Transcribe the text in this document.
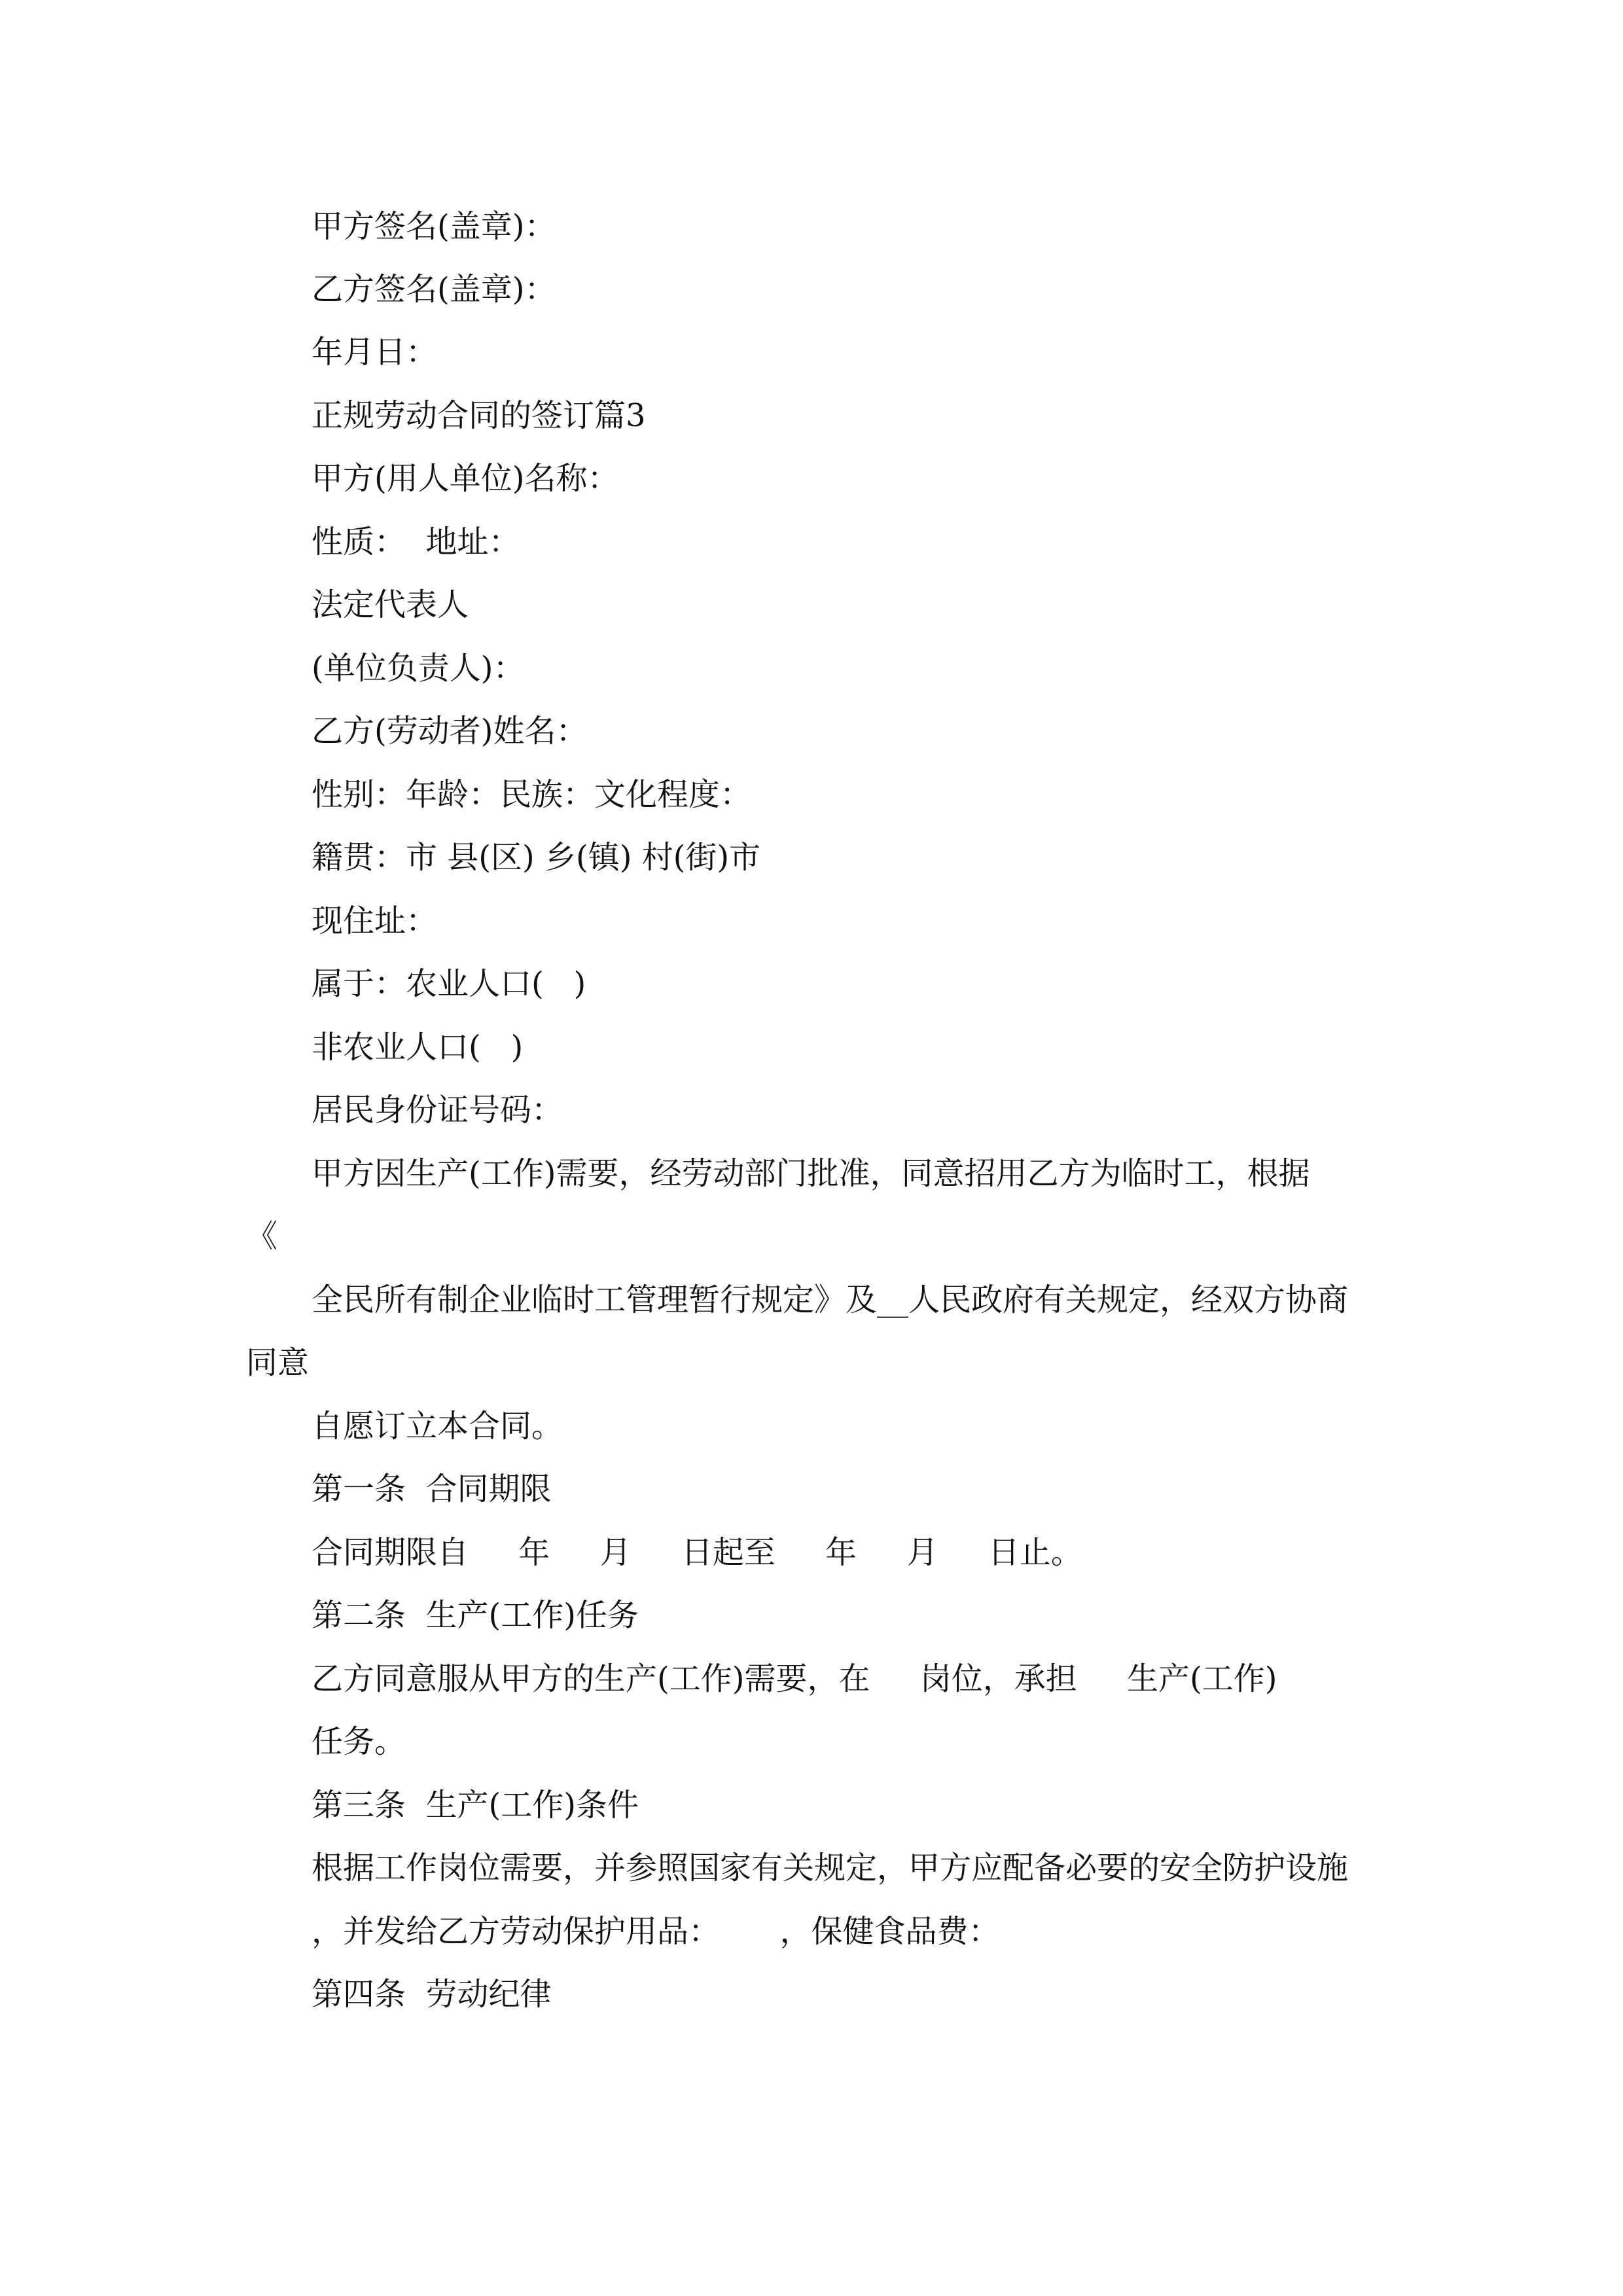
甲方签名(盖章)：
乙方签名(盖章)：
年月日：
正规劳动合同的签订篇3
甲方(用人单位)名称：
性质：  地址：
法定代表人
(单位负责人)：
乙方(劳动者)姓名：
性别：年龄：民族：文化程度：
籍贯：市 县(区) 乡(镇) 村(街)市
现住址：
属于：农业人口(   )
非农业人口(   )
居民身份证号码：
甲方因生产(工作)需要，经劳动部门批准，同意招用乙方为临时工，根据
《
全民所有制企业临时工管理暂行规定》及__人民政府有关规定，经双方协商
同意
自愿订立本合同。
第一条  合同期限
合同期限自     年     月     日起至     年     月     日止。
第二条  生产(工作)任务
乙方同意服从甲方的生产(工作)需要，在     岗位，承担     生产(工作)
任务。
第三条  生产(工作)条件
根据工作岗位需要，并参照国家有关规定，甲方应配备必要的安全防护设施
，并发给乙方劳动保护用品：      ，保健食品费：
第四条  劳动纪律
